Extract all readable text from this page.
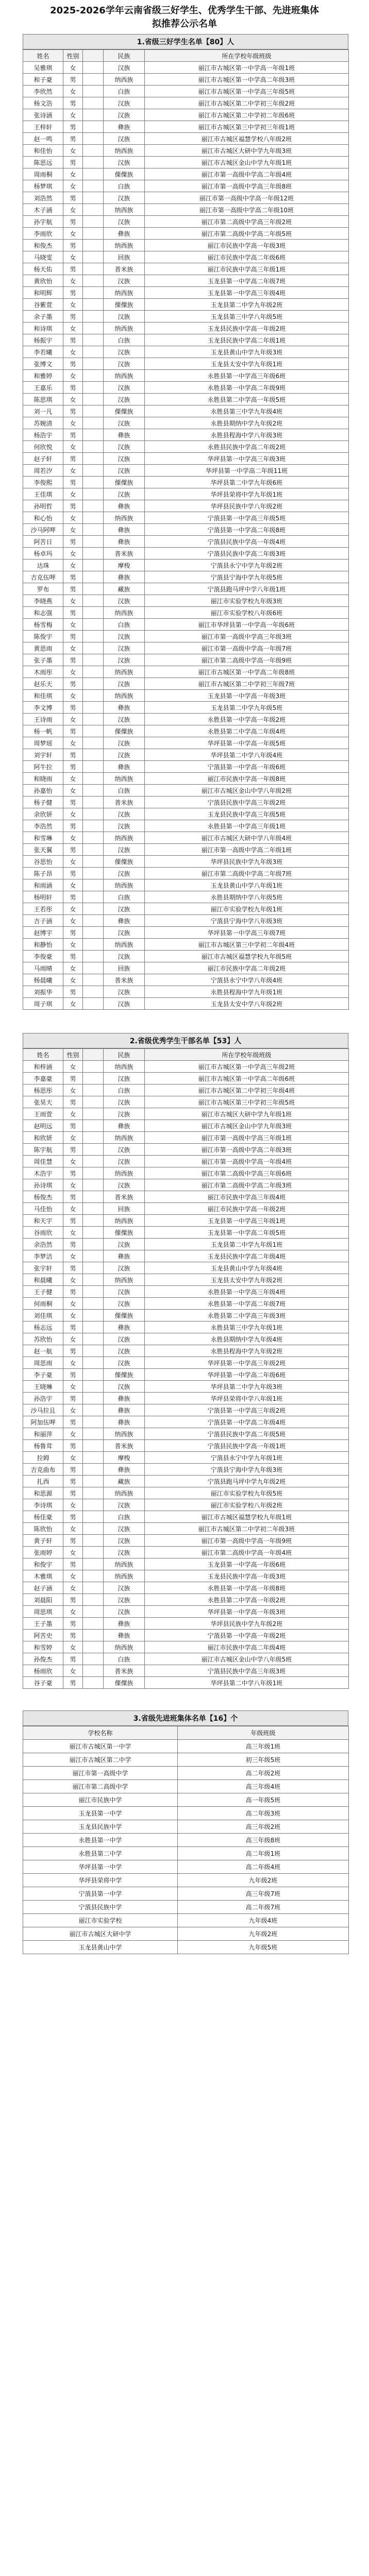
2025-2026学年云南省级三好学生、优秀学生干部、先进班集体
拟推荐公示名单
1.省级三好学生名单【80】人
姓名	性别		民族	所在学校年级班级
吴雅琪	女		汉族	丽江市古城区第一中学高一年级1班
和子豪	男		纳西族	丽江市古城区第一中学高二年级3班
李欣然	女		白族	丽江市古城区第一中学高三年级5班
杨文浩	男		汉族	丽江市古城区第二中学初三年级2班
张诗涵	女		汉族	丽江市古城区第二中学初二年级6班
王梓轩	男		彝族	丽江市古城区第三中学初三年级1班
赵一鸣	男		汉族	丽江市古城区福慧学校八年级2班
和佳怡	女		纳西族	丽江市古城区大研中学九年级3班
陈思远	男		汉族	丽江市古城区金山中学九年级1班
周雨桐	女		傈僳族	丽江市第一高级中学高二年级4班
杨梦琪	女		白族	丽江市第一高级中学高三年级8班
刘浩然	男		汉族	丽江市第一高级中学高一年级12班
木子涵	女		纳西族	丽江市第一高级中学高二年级10班
孙宇航	男		汉族	丽江市第二高级中学高三年级2班
李雨欣	女		彝族	丽江市第二高级中学高二年级5班
和俊杰	男		纳西族	丽江市民族中学高一年级3班
马晓雯	女		回族	丽江市民族中学高二年级6班
杨天佑	男		普米族	丽江市民族中学高三年级1班
黄欣怡	女		汉族	玉龙县第一中学高二年级7班
和明辉	男		纳西族	玉龙县第一中学高三年级4班
谷紫萱	女		傈僳族	玉龙县第二中学九年级2班
余子墨	男		汉族	玉龙县第三中学八年级5班
和诗琪	女		纳西族	玉龙县民族中学高一年级2班
杨振宇	男		白族	玉龙县民族中学高二年级1班
李若曦	女		汉族	玉龙县黄山中学九年级3班
张博文	男		汉族	玉龙县太安中学九年级1班
和雅婷	女		纳西族	永胜县第一中学高三年级6班
王嘉乐	男		汉族	永胜县第一中学高二年级9班
陈思琪	女		汉族	永胜县第二中学高一年级5班
刘一凡	男		傈僳族	永胜县第三中学九年级4班
苏婉清	女		汉族	永胜县期纳中学九年级2班
杨浩宇	男		彝族	永胜县程海中学八年级3班
何欣悦	女		汉族	永胜县民族中学高二年级2班
赵子轩	男		汉族	华坪县第一中学高三年级3班
周若汐	女		汉族	华坪县第一中学高二年级11班
李俊熙	男		傈僳族	华坪县第二中学九年级6班
王佳琪	女		汉族	华坪县荣将中学九年级1班
孙明哲	男		彝族	华坪县民族中学八年级2班
和心怡	女		纳西族	宁蒗县第一中学高三年级5班
沙马阿呷	女		彝族	宁蒗县第一中学高二年级8班
阿苦日	男		彝族	宁蒗县民族中学高一年级4班
杨卓玛	女		普米族	宁蒗县民族中学高二年级3班
达珠	女		摩梭	宁蒗县永宁中学九年级2班
吉克伍呷	男		彝族	宁蒗县宁海中学九年级5班
罗布	男		藏族	宁蒗县跑马坪中学八年级1班
李晓燕	女		汉族	丽江市实验学校九年级3班
和志强	男		纳西族	丽江市实验学校八年级6班
杨雪梅	女		白族	丽江市华坪县第一中学高一年级6班
陈俊宇	男		汉族	丽江市第一高级中学高三年级3班
黄思雨	女		汉族	丽江市第一高级中学高一年级7班
张子墨	男		汉族	丽江市第二高级中学高一年级9班
木雨彤	女		纳西族	丽江市古城区第一中学高二年级8班
赵乐天	男		汉族	丽江市古城区第二中学初三年级7班
和佳琪	女		纳西族	玉龙县第一中学高一年级3班
李文博	男		彝族	玉龙县第二中学九年级5班
王诗雨	女		汉族	永胜县第一中学高一年级2班
杨一帆	男		傈僳族	永胜县第二中学高二年级4班
周梦瑶	女		汉族	华坪县第一中学高一年级5班
刘宇轩	男		汉族	华坪县第二中学八年级4班
阿牛拉	男		彝族	宁蒗县第一中学高一年级6班
和晓雨	女		纳西族	丽江市民族中学高一年级8班
孙嘉怡	女		白族	丽江市古城区金山中学八年级2班
杨子健	男		普米族	宁蒗县民族中学高三年级2班
余欣妍	女		汉族	玉龙县民族中学高三年级5班
李浩然	男		汉族	永胜县第一中学高三年级1班
和雪琳	女		纳西族	丽江市古城区大研中学八年级4班
张天翼	男		汉族	丽江市第一高级中学高二年级1班
谷思怡	女		傈僳族	华坪县民族中学九年级3班
陈子昂	男		汉族	丽江市第二高级中学高二年级7班
和雨涵	女		纳西族	玉龙县黄山中学八年级1班
杨明轩	男		白族	永胜县期纳中学八年级5班
王若彤	女		汉族	丽江市实验学校九年级1班
吉子涵	女		彝族	宁蒗县宁海中学八年级3班
赵博宇	男		汉族	华坪县第一中学高三年级7班
和静怡	女		纳西族	丽江市古城区第三中学初二年级4班
李俊豪	男		汉族	丽江市古城区福慧学校九年级5班
马雨晴	女		回族	丽江市民族中学高二年级2班
杨晨曦	女		普米族	宁蒗县永宁中学八年级4班
刘振华	男		汉族	永胜县程海中学九年级1班
周子琪	女		汉族	玉龙县太安中学八年级2班
2.省级优秀学生干部名单【53】人
姓名	性别		民族	所在学校年级班级
和梓涵	女		纳西族	丽江市古城区第一中学高三年级2班
李嘉豪	男		汉族	丽江市古城区第一中学高二年级6班
杨思彤	女		白族	丽江市古城区第二中学初三年级4班
张昊天	男		汉族	丽江市古城区第三中学初三年级5班
王雨萱	女		汉族	丽江市古城区大研中学九年级1班
赵明远	男		彝族	丽江市古城区金山中学九年级3班
和欣妍	女		纳西族	丽江市第一高级中学高三年级1班
陈宇航	男		汉族	丽江市第一高级中学高二年级3班
周佳慧	女		汉族	丽江市第一高级中学高一年级4班
木浩宇	男		纳西族	丽江市第二高级中学高三年级6班
孙诗琪	女		汉族	丽江市第二高级中学高二年级3班
杨俊杰	男		普米族	丽江市民族中学高三年级4班
马佳怡	女		回族	丽江市民族中学高一年级2班
和天宇	男		纳西族	玉龙县第一中学高三年级1班
谷雨欣	女		傈僳族	玉龙县第一中学高二年级5班
余浩然	男		汉族	玉龙县第二中学九年级1班
李梦洁	女		彝族	玉龙县民族中学高二年级4班
张宇轩	男		汉族	玉龙县黄山中学九年级4班
和晨曦	女		纳西族	玉龙县太安中学九年级2班
王子健	男		汉族	永胜县第一中学高三年级4班
何雨桐	女		汉族	永胜县第一中学高二年级7班
刘佳琪	女		傈僳族	永胜县第二中学高三年级3班
杨志远	男		彝族	永胜县第三中学九年级1班
苏欣怡	女		汉族	永胜县期纳中学九年级4班
赵一航	男		汉族	永胜县程海中学九年级2班
周思雨	女		汉族	华坪县第一中学高三年级2班
李子豪	男		傈僳族	华坪县第一中学高二年级6班
王晓琳	女		汉族	华坪县第二中学九年级3班
孙浩宇	男		彝族	华坪县荣将中学八年级1班
沙马拉且	女		彝族	宁蒗县第一中学高三年级2班
阿加伍呷	男		彝族	宁蒗县第一中学高二年级4班
和丽萍	女		纳西族	宁蒗县民族中学高二年级5班
杨鲁茸	男		普米族	宁蒗县民族中学高一年级1班
拉姆	女		摩梭	宁蒗县永宁中学九年级1班
吉克曲布	男		彝族	宁蒗县宁海中学九年级3班
扎西	男		藏族	宁蒗县跑马坪中学九年级2班
和思源	男		纳西族	丽江市实验学校九年级5班
李诗琪	女		汉族	丽江市实验学校八年级2班
杨佳豪	男		白族	丽江市古城区福慧学校九年级1班
陈欣怡	女		汉族	丽江市古城区第二中学初二年级3班
黄子轩	男		汉族	丽江市第一高级中学高一年级9班
张雨婷	女		汉族	丽江市第二高级中学高一年级4班
和俊宇	男		纳西族	玉龙县第一中学高一年级6班
木雅琪	女		纳西族	玉龙县民族中学高一年级3班
赵子涵	女		汉族	永胜县第一中学高一年级8班
刘晨阳	男		汉族	永胜县第二中学高一年级2班
周思琪	女		汉族	华坪县第一中学高一年级3班
王子墨	男		彝族	华坪县民族中学九年级2班
阿苦史	男		彝族	宁蒗县第一中学高一年级2班
和雪婷	女		纳西族	丽江市民族中学高二年级4班
孙俊杰	男		白族	丽江市古城区金山中学八年级5班
杨雨欣	女		普米族	宁蒗县民族中学高三年级3班
谷子豪	男		傈僳族	华坪县第二中学八年级1班
3.省级先进班集体名单【16】个
学校名称	年级班级
丽江市古城区第一中学	高三年级1班
丽江市古城区第二中学	初三年级5班
丽江市第一高级中学	高二年级2班
丽江市第二高级中学	高三年级4班
丽江市民族中学	高一年级5班
玉龙县第一中学	高二年级3班
玉龙县民族中学	高三年级2班
永胜县第一中学	高三年级8班
永胜县第二中学	高二年级1班
华坪县第一中学	高二年级4班
华坪县荣将中学	九年级2班
宁蒗县第一中学	高三年级7班
宁蒗县民族中学	高二年级7班
丽江市实验学校	九年级4班
丽江市古城区大研中学	九年级2班
玉龙县黄山中学	九年级5班
